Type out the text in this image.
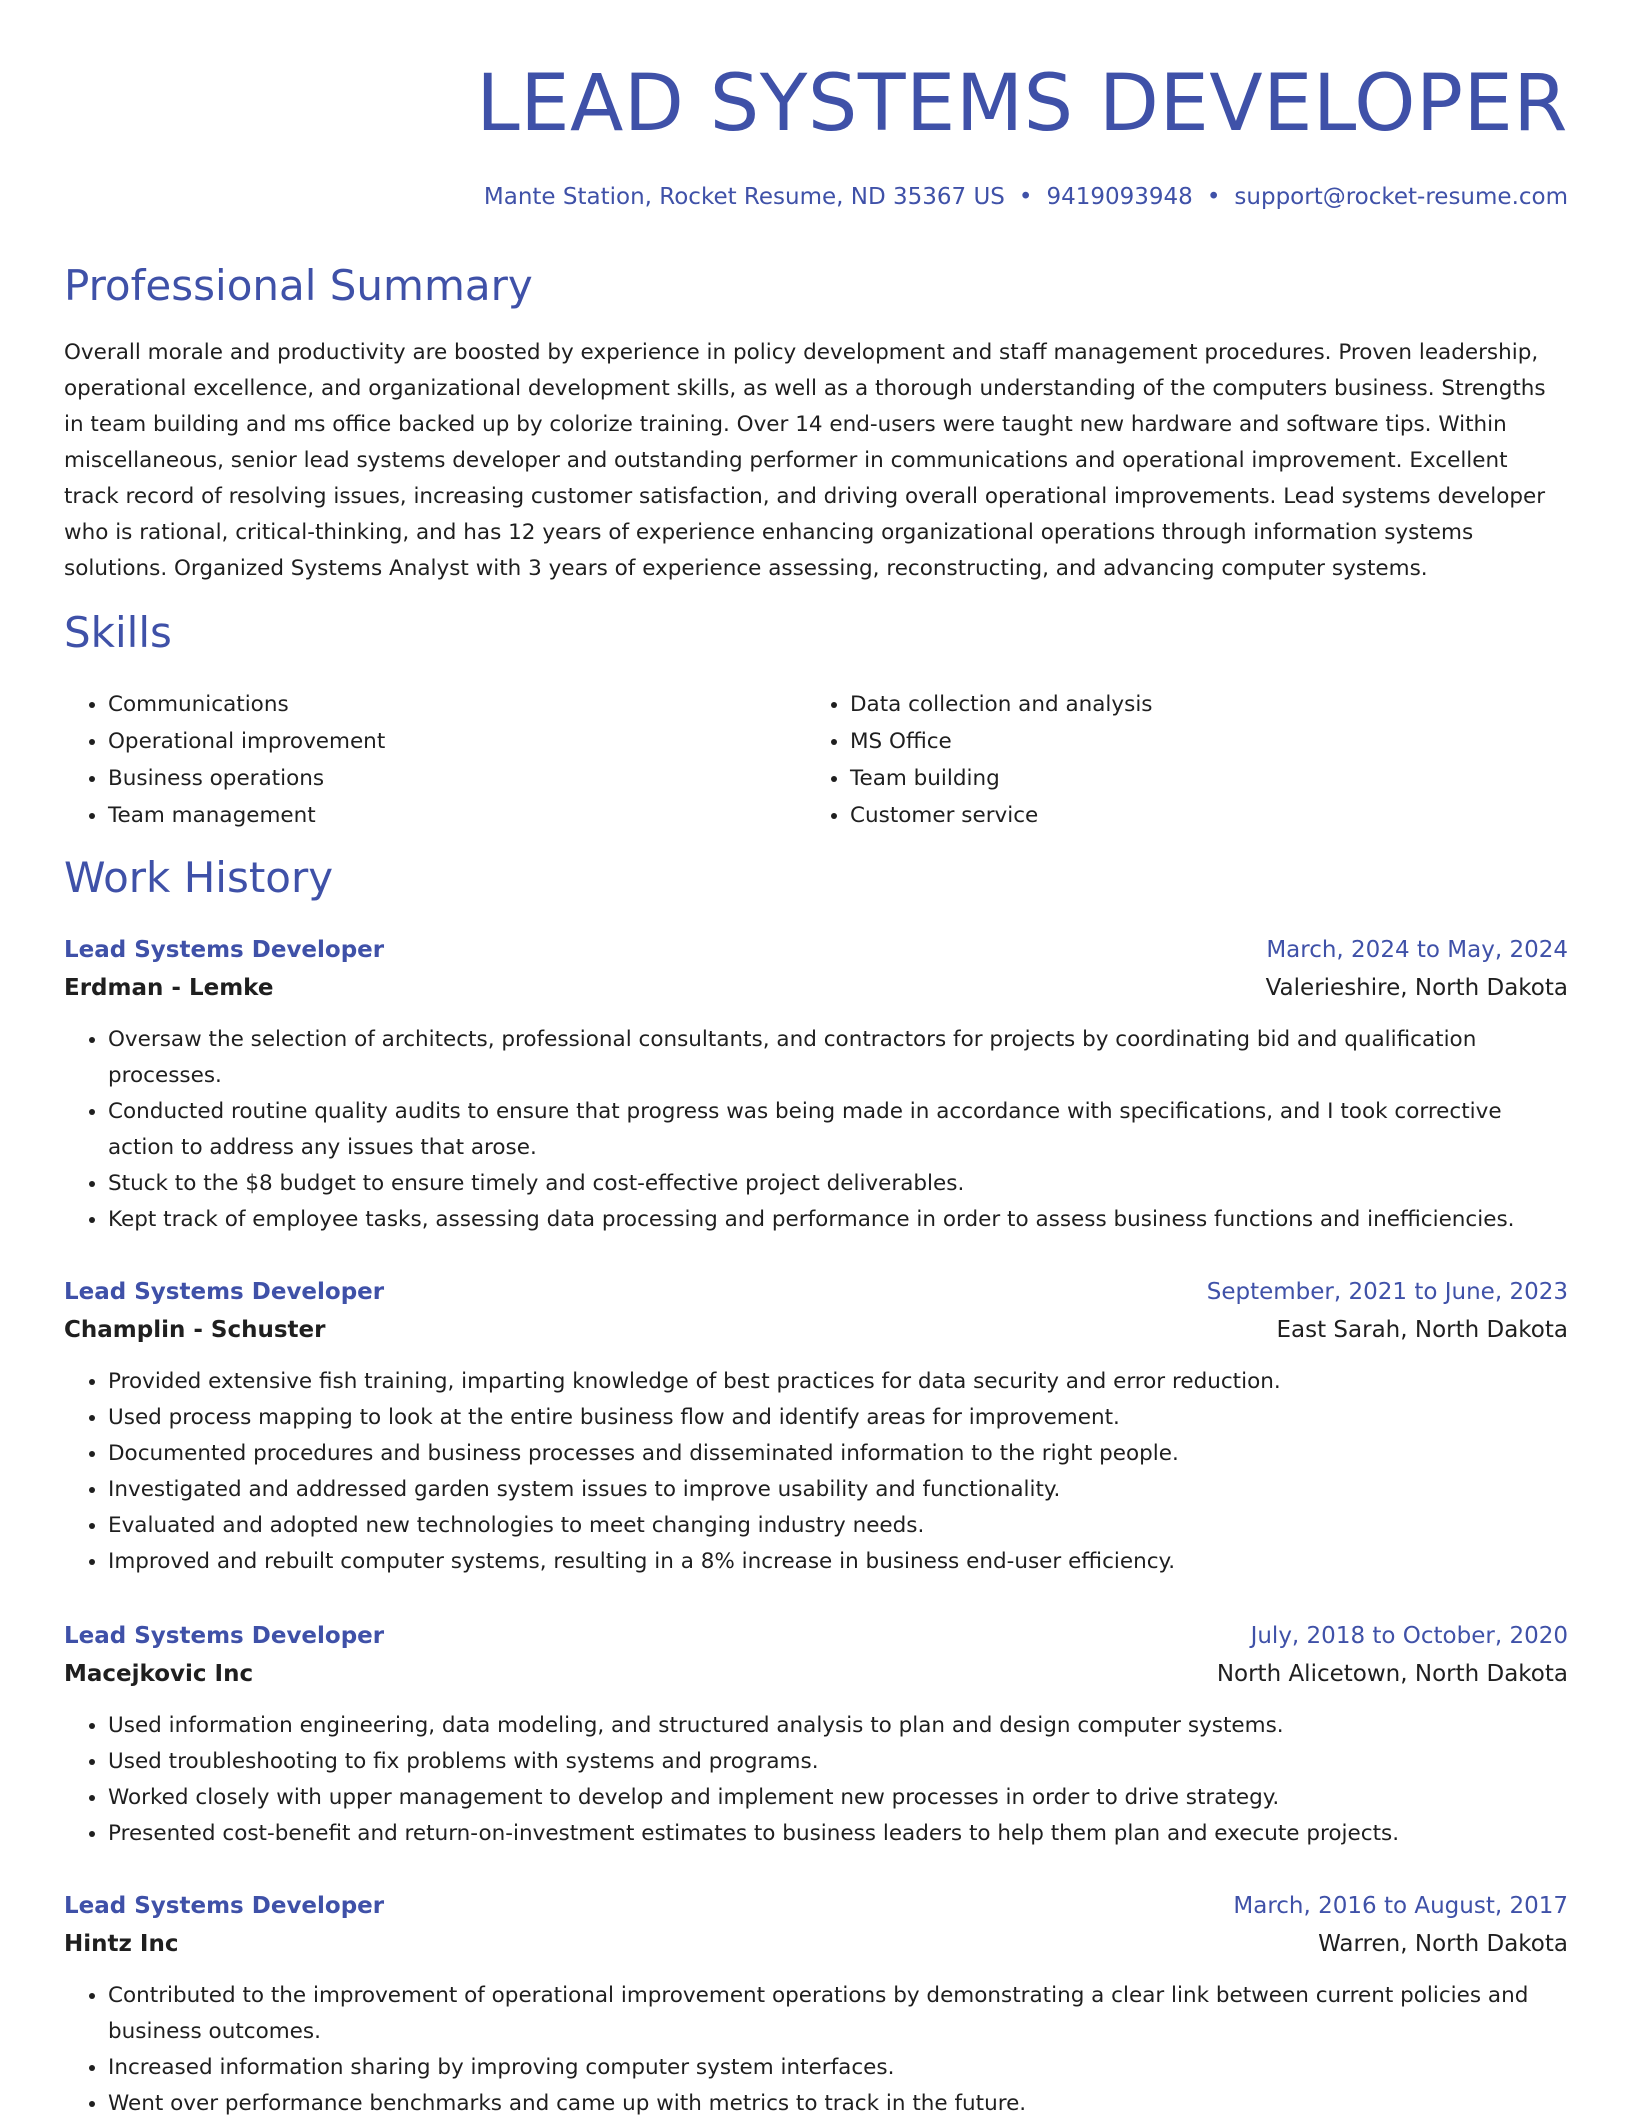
LEAD SYSTEMS DEVELOPER
Mante Station, Rocket Resume, ND 35367 US • 9419093948 • support@rocket-resume.com
Professional Summary
Overall morale and productivity are boosted by experience in policy development and staff management procedures. Proven leadership, operational excellence, and organizational development skills, as well as a thorough understanding of the computers business. Strengths in team building and ms office backed up by colorize training. Over 14 end-users were taught new hardware and software tips. Within miscellaneous, senior lead systems developer and outstanding performer in communications and operational improvement. Excellent track record of resolving issues, increasing customer satisfaction, and driving overall operational improvements. Lead systems developer who is rational, critical-thinking, and has 12 years of experience enhancing organizational operations through information systems solutions. Organized Systems Analyst with 3 years of experience assessing, reconstructing, and advancing computer systems.
Skills
• Communications
• Operational improvement
• Business operations
• Team management
• Data collection and analysis
• MS Office
• Team building
• Customer service
Work History
Lead Systems Developer	March, 2024 to May, 2024
Erdman - Lemke	Valerieshire, North Dakota
• Oversaw the selection of architects, professional consultants, and contractors for projects by coordinating bid and qualification processes.
• Conducted routine quality audits to ensure that progress was being made in accordance with specifications, and I took corrective action to address any issues that arose.
• Stuck to the $8 budget to ensure timely and cost-effective project deliverables.
• Kept track of employee tasks, assessing data processing and performance in order to assess business functions and inefficiencies.
Lead Systems Developer	September, 2021 to June, 2023
Champlin - Schuster	East Sarah, North Dakota
• Provided extensive fish training, imparting knowledge of best practices for data security and error reduction.
• Used process mapping to look at the entire business flow and identify areas for improvement.
• Documented procedures and business processes and disseminated information to the right people.
• Investigated and addressed garden system issues to improve usability and functionality.
• Evaluated and adopted new technologies to meet changing industry needs.
• Improved and rebuilt computer systems, resulting in a 8% increase in business end-user efficiency.
Lead Systems Developer	July, 2018 to October, 2020
Macejkovic Inc	North Alicetown, North Dakota
• Used information engineering, data modeling, and structured analysis to plan and design computer systems.
• Used troubleshooting to fix problems with systems and programs.
• Worked closely with upper management to develop and implement new processes in order to drive strategy.
• Presented cost-benefit and return-on-investment estimates to business leaders to help them plan and execute projects.
Lead Systems Developer	March, 2016 to August, 2017
Hintz Inc	Warren, North Dakota
• Contributed to the improvement of operational improvement operations by demonstrating a clear link between current policies and business outcomes.
• Increased information sharing by improving computer system interfaces.
• Went over performance benchmarks and came up with metrics to track in the future.
